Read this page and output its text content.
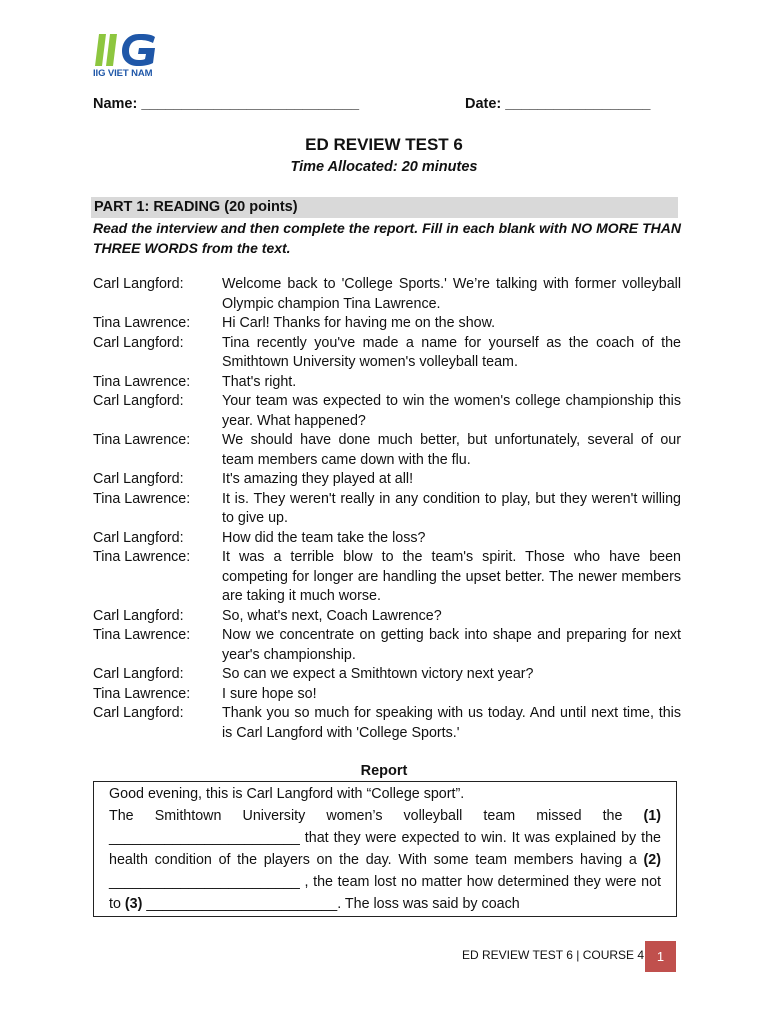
IIG VIET NAM
Name: ___________________________	Date: __________________
ED REVIEW TEST 6
Time Allocated: 20 minutes
PART 1: READING (20 points)
Read the interview and then complete the report. Fill in each blank with NO MORE THAN THREE WORDS from the text.
Carl Langford:	Welcome back to 'College Sports.' We’re talking with former volleyball Olympic champion Tina Lawrence.
Tina Lawrence:	Hi Carl! Thanks for having me on the show.
Carl Langford:	Tina recently you've made a name for yourself as the coach of the Smithtown University women's volleyball team.
Tina Lawrence:	That's right.
Carl Langford:	Your team was expected to win the women's college championship this year. What happened?
Tina Lawrence:	We should have done much better, but unfortunately, several of our team members came down with the flu.
Carl Langford:	It's amazing they played at all!
Tina Lawrence:	It is. They weren't really in any condition to play, but they weren't willing to give up.
Carl Langford:	How did the team take the loss?
Tina Lawrence:	It was a terrible blow to the team's spirit. Those who have been competing for longer are handling the upset better. The newer members are taking it much worse.
Carl Langford:	So, what's next, Coach Lawrence?
Tina Lawrence:	Now we concentrate on getting back into shape and preparing for next year's championship.
Carl Langford:	So can we expect a Smithtown victory next year?
Tina Lawrence:	I sure hope so!
Carl Langford:	Thank you so much for speaking with us today. And until next time, this is Carl Langford with 'College Sports.'
Report

Good evening, this is Carl Langford with “College sport”.

The Smithtown University women’s volleyball team missed the (1) ________________________ that they were expected to win. It was explained by the health condition of the players on the day. With some team members having a (2) ________________________ , the team lost no matter how determined they were not to (3) ________________________. The loss was said by coach

ED REVIEW TEST 6 | COURSE 4 1
